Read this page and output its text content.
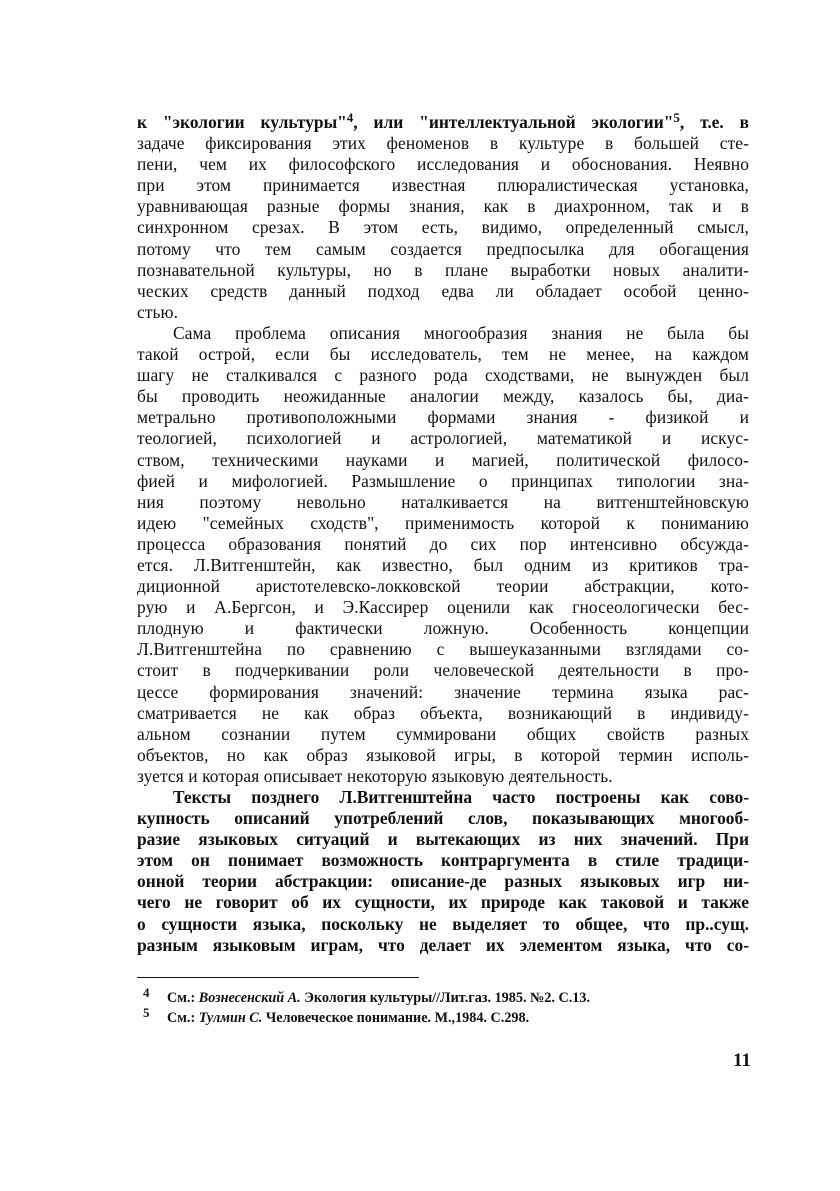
к "экологии культуры"$^4$, или "интеллектуальной экологии"$^5$, т.е. в
задаче фиксирования этих феноменов в культуре в большей сте-
пени, чем их философского исследования и обоснования. Неявно
при этом принимается известная плюралистическая установка,
уравнивающая разные формы знания, как в диахронном, так и в
синхронном срезах. В этом есть, видимо, определенный смысл,
потому что тем самым создается предпосылка для обогащения
познавательной культуры, но в плане выработки новых аналити-
ческих средств данный подход едва ли обладает особой ценно-
стью.
Сама проблема описания многообразия знания не была бы
такой острой, если бы исследователь, тем не менее, на каждом
шагу не сталкивался с разного рода сходствами, не вынужден был
бы проводить неожиданные аналогии между, казалось бы, диа-
метрально противоположными формами знания - физикой и
теологией, психологией и астрологией, математикой и искус-
ством, техническими науками и магией, политической филосо-
фией и мифологией. Размышление о принципах типологии зна-
ния поэтому невольно наталкивается на витгенштейновскую
идею "семейных сходств", применимость которой к пониманию
процесса образования понятий до сих пор интенсивно обсужда-
ется. Л.Витгенштейн, как известно, был одним из критиков тра-
диционной аристотелевско-локковской теории абстракции, кото-
рую и А.Бергсон, и Э.Кассирер оценили как гносеологически бес-
плодную и фактически ложную. Особенность концепции
Л.Витгенштейна по сравнению с вышеуказанными взглядами со-
стоит в подчеркивании роли человеческой деятельности в про-
цессе формирования значений: значение термина языка рас-
сматривается не как образ объекта, возникающий в индивиду-
альном сознании путем суммировани общих свойств разных
объектов, но как образ языковой игры, в которой термин исполь-
зуется и которая описывает некоторую языковую деятельность.
Тексты позднего Л.Витгенштейна часто построены как сово-
купность описаний употреблений слов, показывающих многооб-
разие языковых ситуаций и вытекающих из них значений. При
этом он понимает возможность контраргумента в стиле традици-
онной теории абстракции: описание-де разных языковых игр ни-
чего не говорит об их сущности, их природе как таковой и также
о сущности языка, поскольку не выделяет то общее, что пр..сущ.
разным языковым играм, что делает их элементом языка, что со-
4 См.: Вознесенский А. Экология культуры//Лит.газ. 1985. №2. С.13.
5 См.: Тулмин С. Человеческое понимание. М.,1984. С.298.
11
